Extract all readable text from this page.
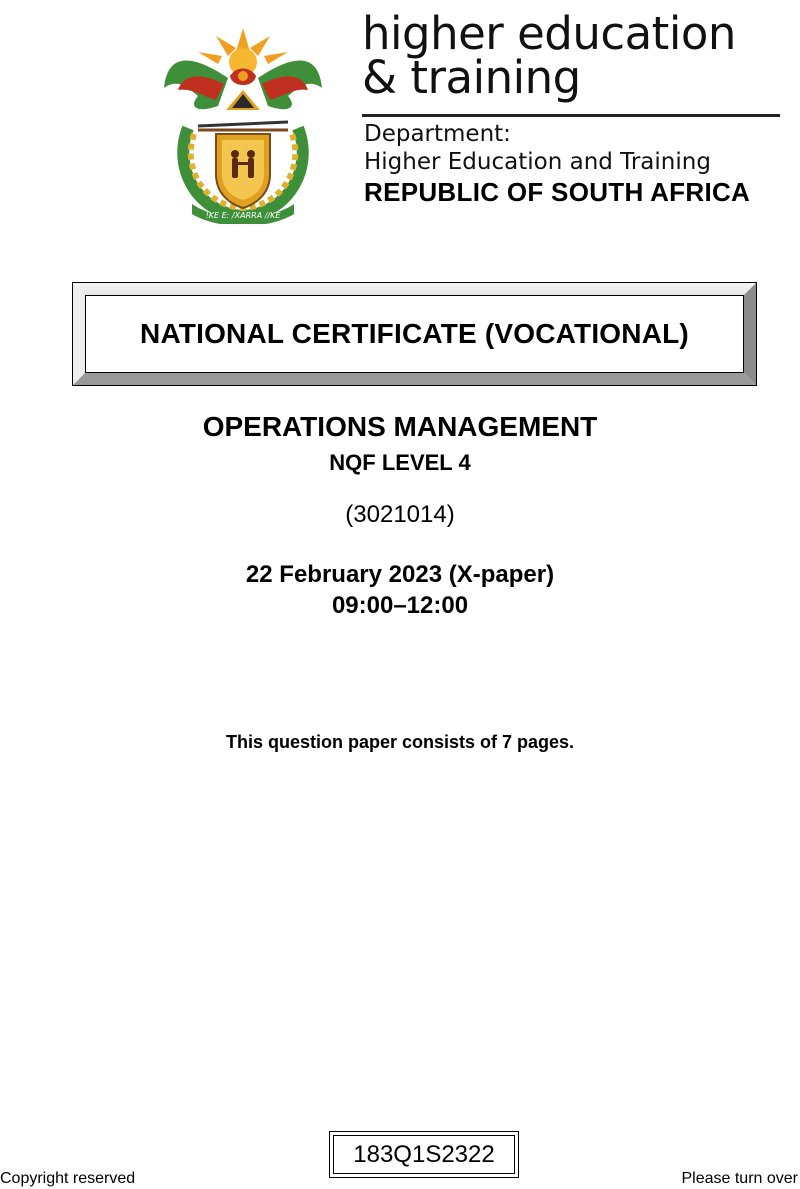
!KE E: /XARRA //KE
higher education
& training
Department:
Higher Education and Training
REPUBLIC OF SOUTH AFRICA
NATIONAL CERTIFICATE (VOCATIONAL)
OPERATIONS MANAGEMENT
NQF LEVEL 4
(3021014)
22 February 2023 (X-paper)
09:00–12:00
This question paper consists of 7 pages.
183Q1S2322
Copyright reserved	Please turn over
